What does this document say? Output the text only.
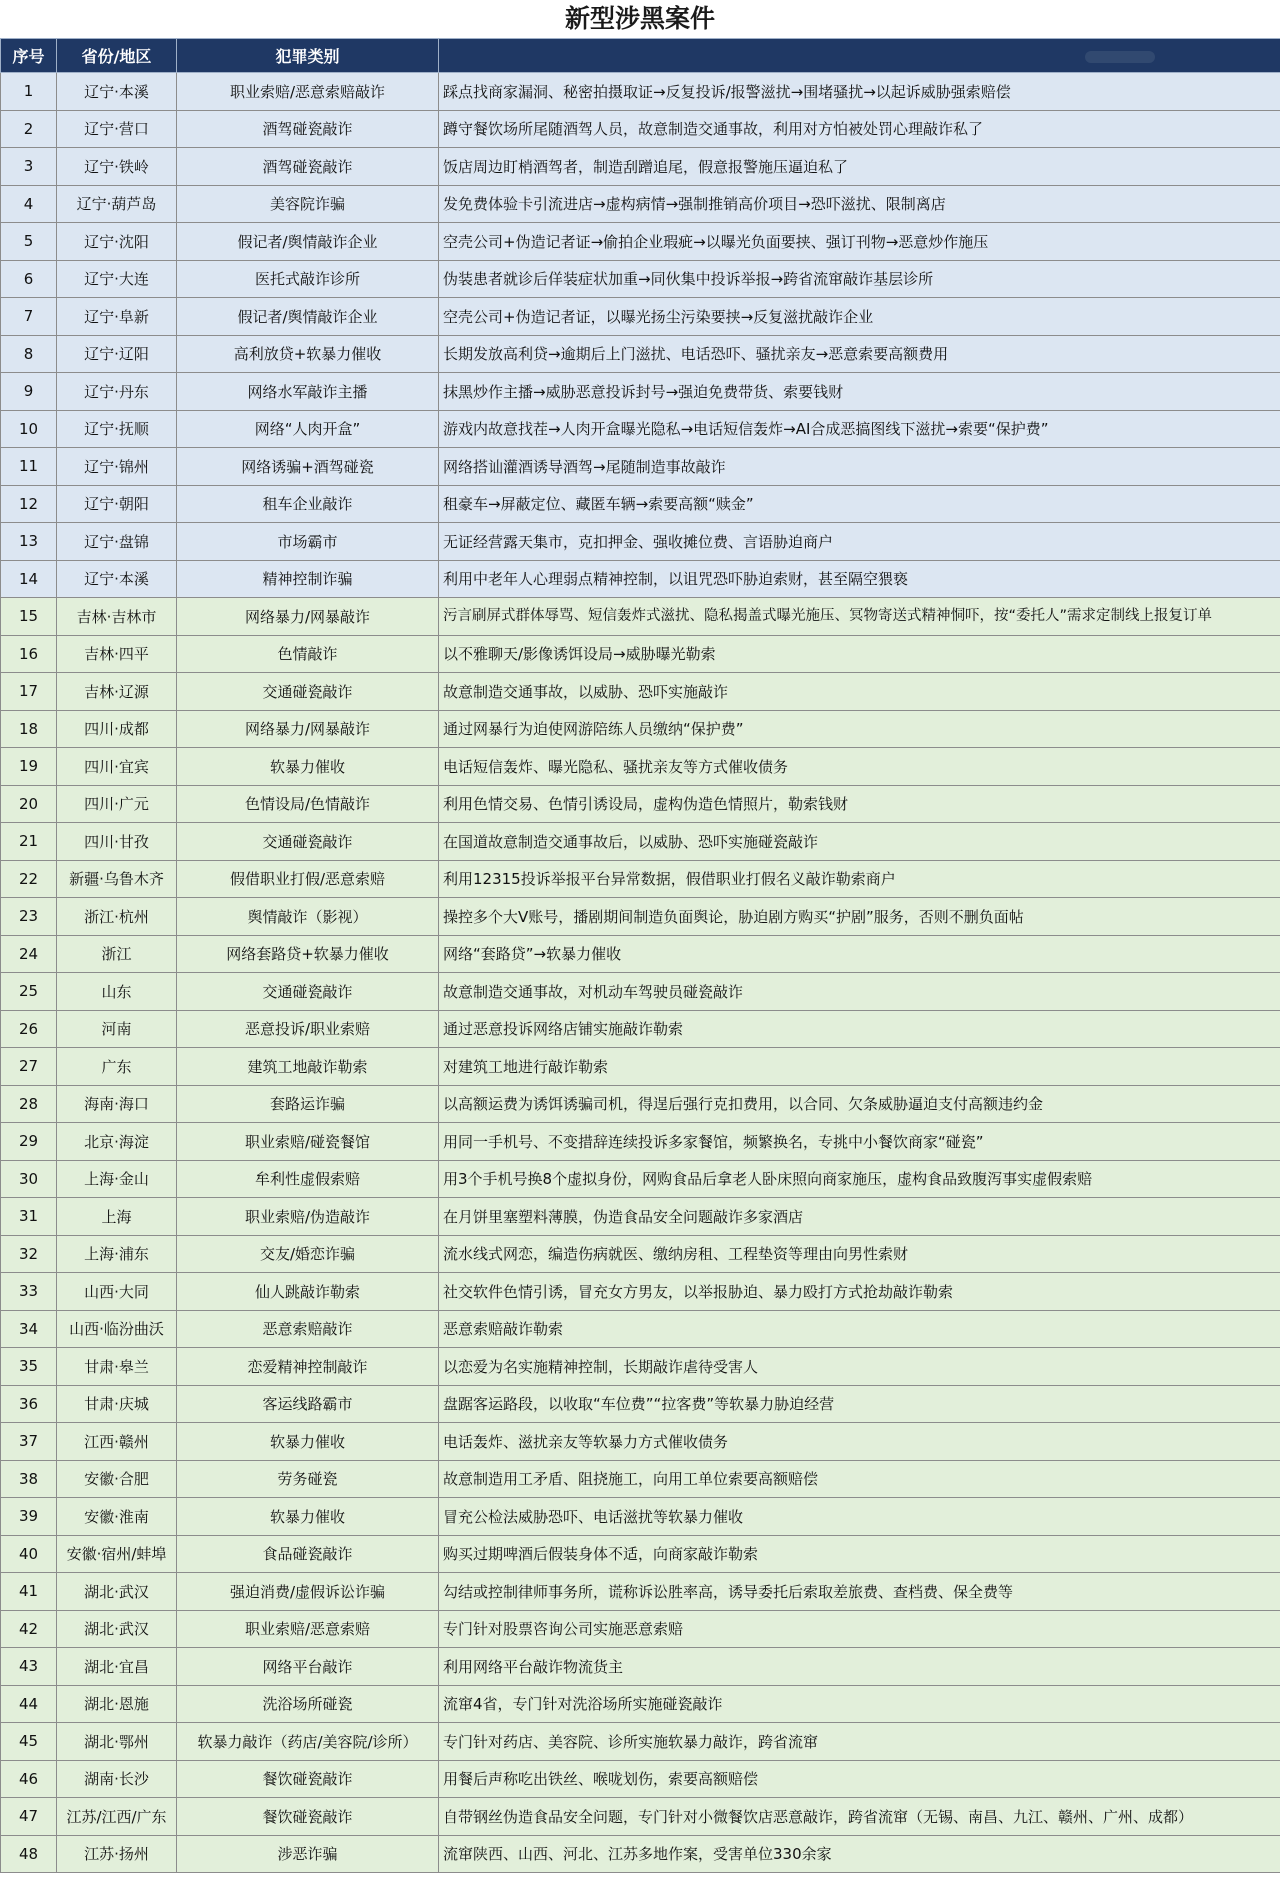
新型涉黑案件
序号	省份/地区	犯罪类别	
1	辽宁·本溪	职业索赔/恶意索赔敲诈	踩点找商家漏洞、秘密拍摄取证→反复投诉/报警滋扰→围堵骚扰→以起诉威胁强索赔偿
2	辽宁·营口	酒驾碰瓷敲诈	蹲守餐饮场所尾随酒驾人员，故意制造交通事故，利用对方怕被处罚心理敲诈私了
3	辽宁·铁岭	酒驾碰瓷敲诈	饭店周边盯梢酒驾者，制造刮蹭追尾，假意报警施压逼迫私了
4	辽宁·葫芦岛	美容院诈骗	发免费体验卡引流进店→虚构病情→强制推销高价项目→恐吓滋扰、限制离店
5	辽宁·沈阳	假记者/舆情敲诈企业	空壳公司+伪造记者证→偷拍企业瑕疵→以曝光负面要挟、强订刊物→恶意炒作施压
6	辽宁·大连	医托式敲诈诊所	伪装患者就诊后佯装症状加重→同伙集中投诉举报→跨省流窜敲诈基层诊所
7	辽宁·阜新	假记者/舆情敲诈企业	空壳公司+伪造记者证，以曝光扬尘污染要挟→反复滋扰敲诈企业
8	辽宁·辽阳	高利放贷+软暴力催收	长期发放高利贷→逾期后上门滋扰、电话恐吓、骚扰亲友→恶意索要高额费用
9	辽宁·丹东	网络水军敲诈主播	抹黑炒作主播→威胁恶意投诉封号→强迫免费带货、索要钱财
10	辽宁·抚顺	网络“人肉开盒”	游戏内故意找茬→人肉开盒曝光隐私→电话短信轰炸→AI合成恶搞图线下滋扰→索要“保护费”
11	辽宁·锦州	网络诱骗+酒驾碰瓷	网络搭讪灌酒诱导酒驾→尾随制造事故敲诈
12	辽宁·朝阳	租车企业敲诈	租豪车→屏蔽定位、藏匿车辆→索要高额“赎金”
13	辽宁·盘锦	市场霸市	无证经营露天集市，克扣押金、强收摊位费、言语胁迫商户
14	辽宁·本溪	精神控制诈骗	利用中老年人心理弱点精神控制，以诅咒恐吓胁迫索财，甚至隔空猥亵
15	吉林·吉林市	网络暴力/网暴敲诈	污言刷屏式群体辱骂、短信轰炸式滋扰、隐私揭盖式曝光施压、冥物寄送式精神恫吓，按“委托人”需求定制线上报复订单
16	吉林·四平	色情敲诈	以不雅聊天/影像诱饵设局→威胁曝光勒索
17	吉林·辽源	交通碰瓷敲诈	故意制造交通事故，以威胁、恐吓实施敲诈
18	四川·成都	网络暴力/网暴敲诈	通过网暴行为迫使网游陪练人员缴纳“保护费”
19	四川·宜宾	软暴力催收	电话短信轰炸、曝光隐私、骚扰亲友等方式催收债务
20	四川·广元	色情设局/色情敲诈	利用色情交易、色情引诱设局，虚构伪造色情照片，勒索钱财
21	四川·甘孜	交通碰瓷敲诈	在国道故意制造交通事故后，以威胁、恐吓实施碰瓷敲诈
22	新疆·乌鲁木齐	假借职业打假/恶意索赔	利用12315投诉举报平台异常数据，假借职业打假名义敲诈勒索商户
23	浙江·杭州	舆情敲诈（影视）	操控多个大V账号，播剧期间制造负面舆论，胁迫剧方购买“护剧”服务，否则不删负面帖
24	浙江	网络套路贷+软暴力催收	网络“套路贷”→软暴力催收
25	山东	交通碰瓷敲诈	故意制造交通事故，对机动车驾驶员碰瓷敲诈
26	河南	恶意投诉/职业索赔	通过恶意投诉网络店铺实施敲诈勒索
27	广东	建筑工地敲诈勒索	对建筑工地进行敲诈勒索
28	海南·海口	套路运诈骗	以高额运费为诱饵诱骗司机，得逞后强行克扣费用，以合同、欠条威胁逼迫支付高额违约金
29	北京·海淀	职业索赔/碰瓷餐馆	用同一手机号、不变措辞连续投诉多家餐馆，频繁换名，专挑中小餐饮商家“碰瓷”
30	上海·金山	牟利性虚假索赔	用3个手机号换8个虚拟身份，网购食品后拿老人卧床照向商家施压，虚构食品致腹泻事实虚假索赔
31	上海	职业索赔/伪造敲诈	在月饼里塞塑料薄膜，伪造食品安全问题敲诈多家酒店
32	上海·浦东	交友/婚恋诈骗	流水线式网恋，编造伤病就医、缴纳房租、工程垫资等理由向男性索财
33	山西·大同	仙人跳敲诈勒索	社交软件色情引诱，冒充女方男友，以举报胁迫、暴力殴打方式抢劫敲诈勒索
34	山西·临汾曲沃	恶意索赔敲诈	恶意索赔敲诈勒索
35	甘肃·皋兰	恋爱精神控制敲诈	以恋爱为名实施精神控制，长期敲诈虐待受害人
36	甘肃·庆城	客运线路霸市	盘踞客运路段，以收取“车位费”“拉客费”等软暴力胁迫经营
37	江西·赣州	软暴力催收	电话轰炸、滋扰亲友等软暴力方式催收债务
38	安徽·合肥	劳务碰瓷	故意制造用工矛盾、阻挠施工，向用工单位索要高额赔偿
39	安徽·淮南	软暴力催收	冒充公检法威胁恐吓、电话滋扰等软暴力催收
40	安徽·宿州/蚌埠	食品碰瓷敲诈	购买过期啤酒后假装身体不适，向商家敲诈勒索
41	湖北·武汉	强迫消费/虚假诉讼诈骗	勾结或控制律师事务所，谎称诉讼胜率高，诱导委托后索取差旅费、查档费、保全费等
42	湖北·武汉	职业索赔/恶意索赔	专门针对股票咨询公司实施恶意索赔
43	湖北·宜昌	网络平台敲诈	利用网络平台敲诈物流货主
44	湖北·恩施	洗浴场所碰瓷	流窜4省，专门针对洗浴场所实施碰瓷敲诈
45	湖北·鄂州	软暴力敲诈（药店/美容院/诊所）	专门针对药店、美容院、诊所实施软暴力敲诈，跨省流窜
46	湖南·长沙	餐饮碰瓷敲诈	用餐后声称吃出铁丝、喉咙划伤，索要高额赔偿
47	江苏/江西/广东	餐饮碰瓷敲诈	自带钢丝伪造食品安全问题，专门针对小微餐饮店恶意敲诈，跨省流窜（无锡、南昌、九江、赣州、广州、成都）
48	江苏·扬州	涉恶诈骗	流窜陕西、山西、河北、江苏多地作案，受害单位330余家
